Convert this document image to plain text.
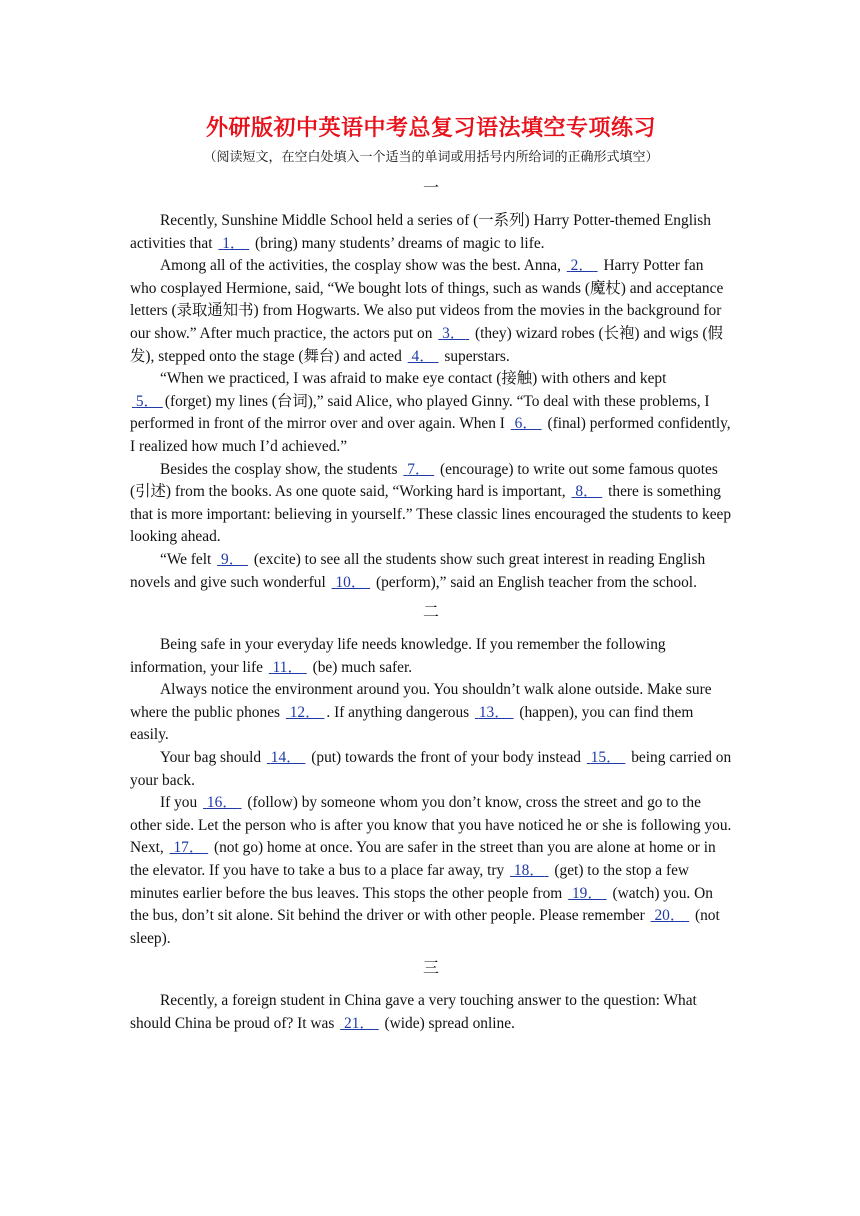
外研版初中英语中考总复习语法填空专项练习

（阅读短文，在空白处填入一个适当的单词或用括号内所给词的正确形式填空）

一

Recently, Sunshine Middle School held a series of (一系列) Harry Potter-themed English activities that 1． (bring) many students’ dreams of magic to life.

Among all of the activities, the cosplay show was the best. Anna, 2． Harry Potter fan who cosplayed Hermione, said, “We bought lots of things, such as wands (魔杖) and acceptance letters (录取通知书) from Hogwarts. We also put videos from the movies in the background for our show.” After much practice, the actors put on 3． (they) wizard robes (长袍) and wigs (假发), stepped onto the stage (舞台) and acted 4． superstars.

“When we practiced, I was afraid to make eye contact (接触) with others and kept 5． (forget) my lines (台词),” said Alice, who played Ginny. “To deal with these problems, I performed in front of the mirror over and over again. When I 6． (final) performed confidently, I realized how much I’d achieved.”

Besides the cosplay show, the students 7． (encourage) to write out some famous quotes (引述) from the books. As one quote said, “Working hard is important, 8． there is something that is more important: believing in yourself.” These classic lines encouraged the students to keep looking ahead.

“We felt 9． (excite) to see all the students show such great interest in reading English novels and give such wonderful 10． (perform),” said an English teacher from the school.

二

Being safe in your everyday life needs knowledge. If you remember the following information, your life 11． (be) much safer.

Always notice the environment around you. You shouldn’t walk alone outside. Make sure where the public phones 12． . If anything dangerous 13． (happen), you can find them easily.

Your bag should 14． (put) towards the front of your body instead 15． being carried on your back.

If you 16． (follow) by someone whom you don’t know, cross the street and go to the other side. Let the person who is after you know that you have noticed he or she is following you. Next, 17． (not go) home at once. You are safer in the street than you are alone at home or in the elevator. If you have to take a bus to a place far away, try 18． (get) to the stop a few minutes earlier before the bus leaves. This stops the other people from 19． (watch) you. On the bus, don’t sit alone. Sit behind the driver or with other people. Please remember 20． (not sleep).

三

Recently, a foreign student in China gave a very touching answer to the question: What should China be proud of? It was 21． (wide) spread online.
